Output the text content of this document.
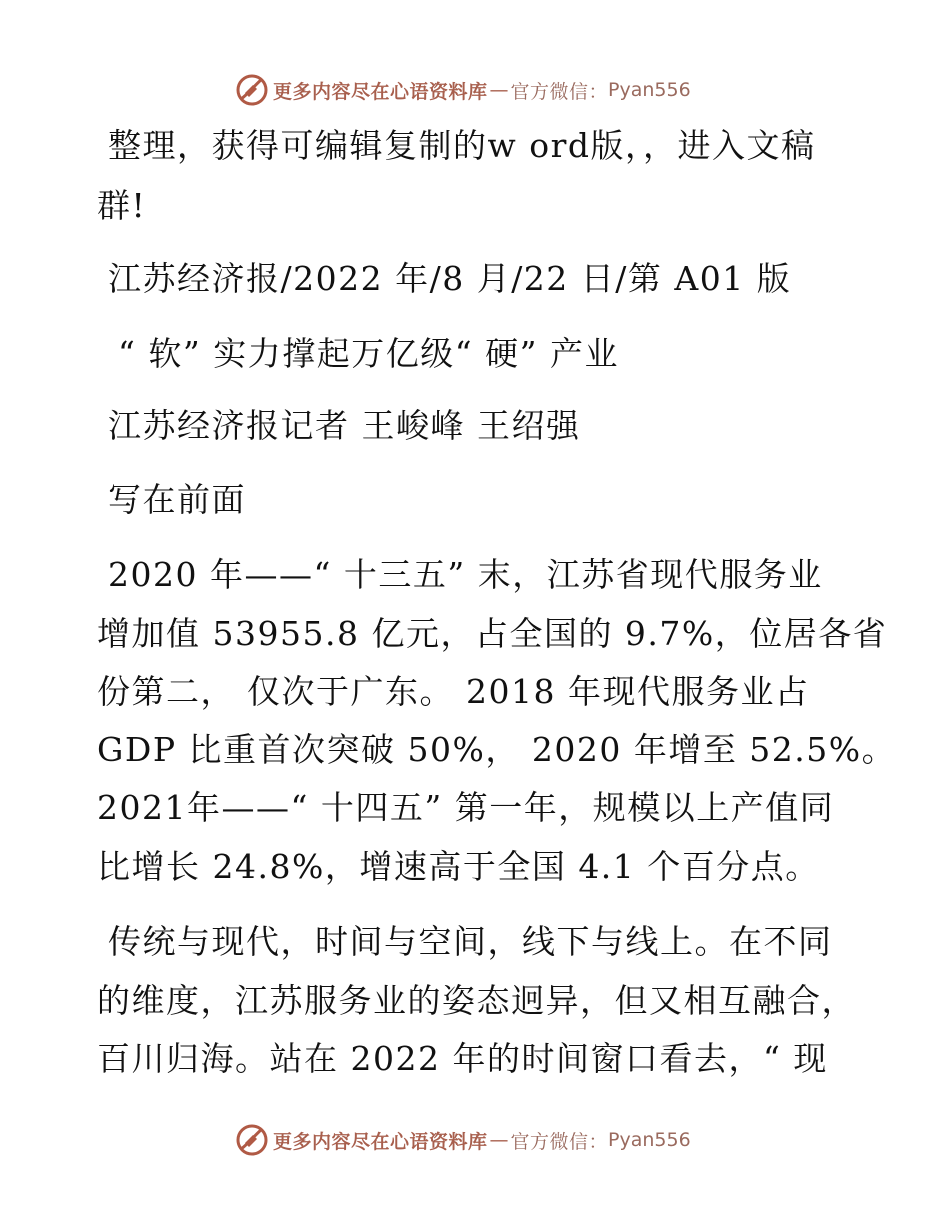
更多内容尽在心语资料库 — 官方微信： Pyan556
整理，获得可编辑复制的w ord版，，进入文稿
群!
江苏经济报/2022 年/8 月/22 日/第 A01 版
“ 软” 实力撑起万亿级“ 硬” 产业
江苏经济报记者 王峻峰 王绍强
写在前面
2020 年——“ 十三五” 末，江苏省现代服务业
增加值 53955.8 亿元，占全国的 9.7%，位居各省
份第二， 仅次于广东。 2018 年现代服务业占
GDP 比重首次突破 50%， 2020 年增至 52.5%。
2021年——“ 十四五” 第一年，规模以上产值同
比增长 24.8%，增速高于全国 4.1 个百分点。
传统与现代，时间与空间，线下与线上。在不同
的维度，江苏服务业的姿态迥异，但又相互融合，
百川归海。站在 2022 年的时间窗口看去，“ 现
更多内容尽在心语资料库 — 官方微信： Pyan556
